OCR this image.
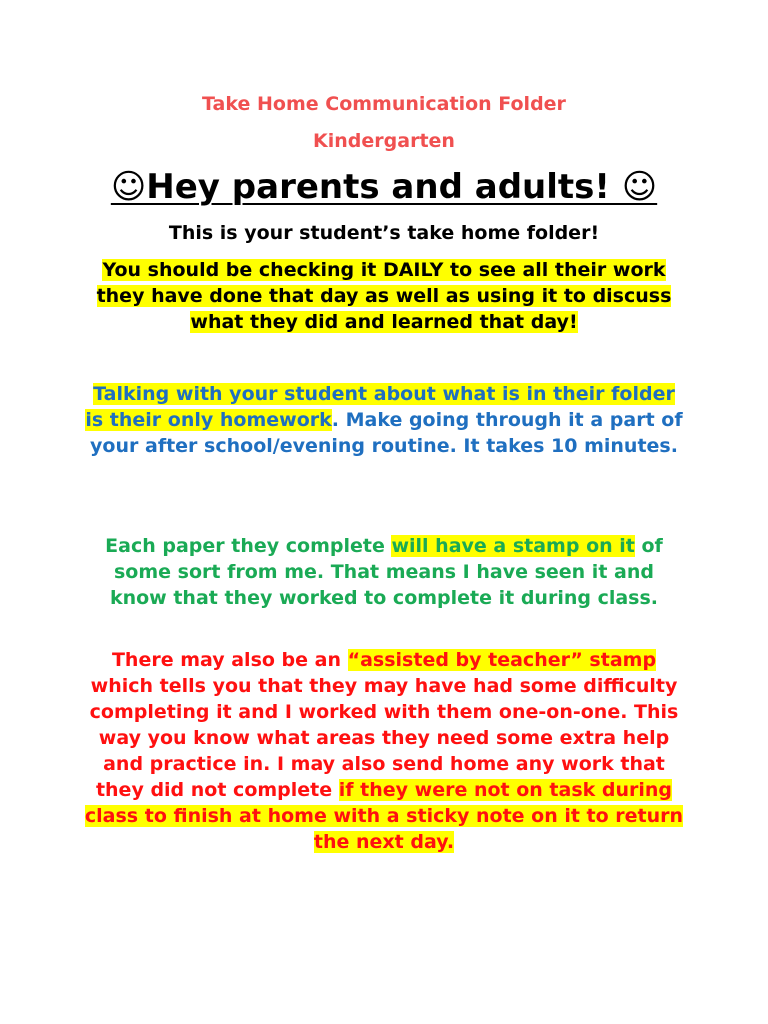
Take Home Communication Folder
Kindergarten
☺Hey parents and adults! ☺
This is your student’s take home folder!
You should be checking it DAILY to see all their work they have done that day as well as using it to discuss what they did and learned that day!
Talking with your student about what is in their folder is their only homework. Make going through it a part of your after school/evening routine. It takes 10 minutes.
Each paper they complete will have a stamp on it of some sort from me. That means I have seen it and know that they worked to complete it during class.
There may also be an “assisted by teacher” stamp which tells you that they may have had some difficulty completing it and I worked with them one-on-one. This way you know what areas they need some extra help and practice in. I may also send home any work that they did not complete if they were not on task during class to finish at home with a sticky note on it to return the next day.
